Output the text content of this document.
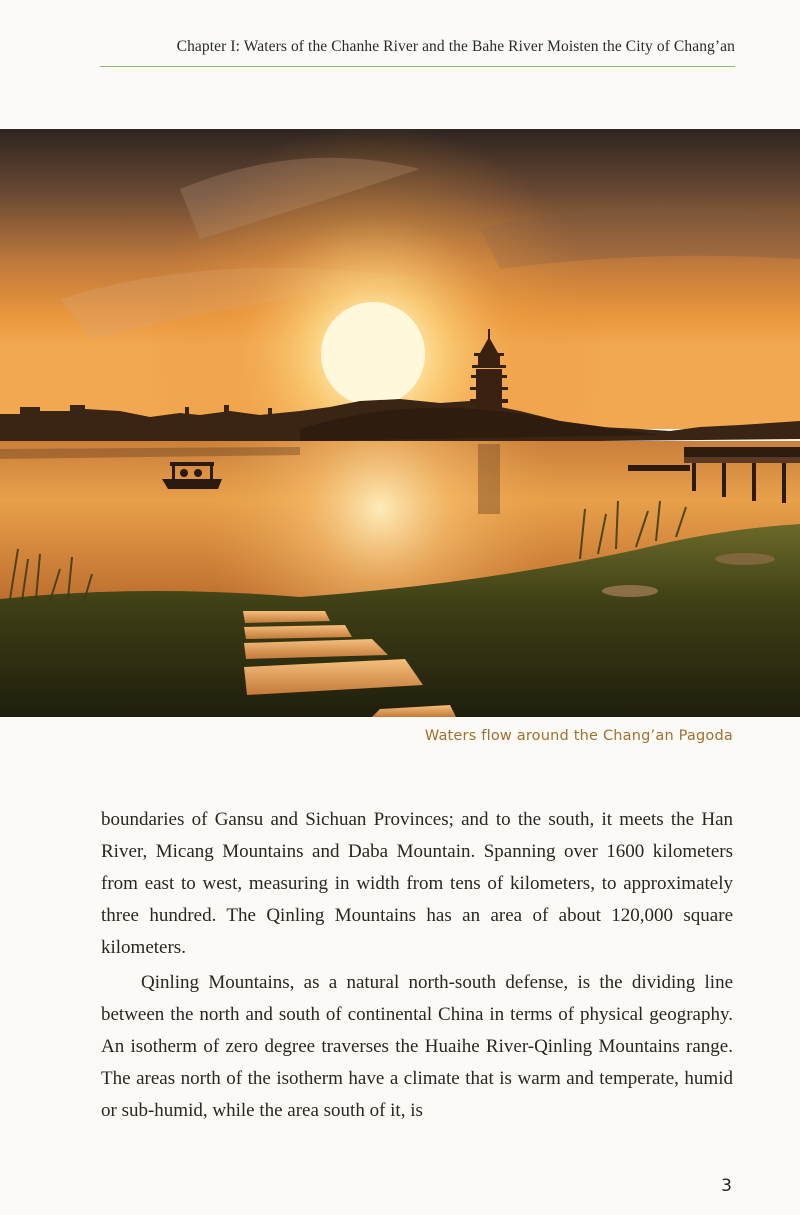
Chapter I: Waters of the Chanhe River and the Bahe River Moisten the City of Chang’an
Waters flow around the Chang’an Pagoda

boundaries of Gansu and Sichuan Provinces; and to the south, it meets the Han River, Micang Mountains and Daba Mountain. Spanning over 1600 kilometers from east to west, measuring in width from tens of kilometers, to approximately three hundred. The Qinling Mountains has an area of about 120,000 square kilometers.

Qinling Mountains, as a natural north-south defense, is the dividing line between the north and south of continental China in terms of physical geography. An isotherm of zero degree traverses the Huaihe River-Qinling Mountains range. The areas north of the isotherm have a climate that is warm and temperate, humid or sub-humid, while the area south of it, is

3
